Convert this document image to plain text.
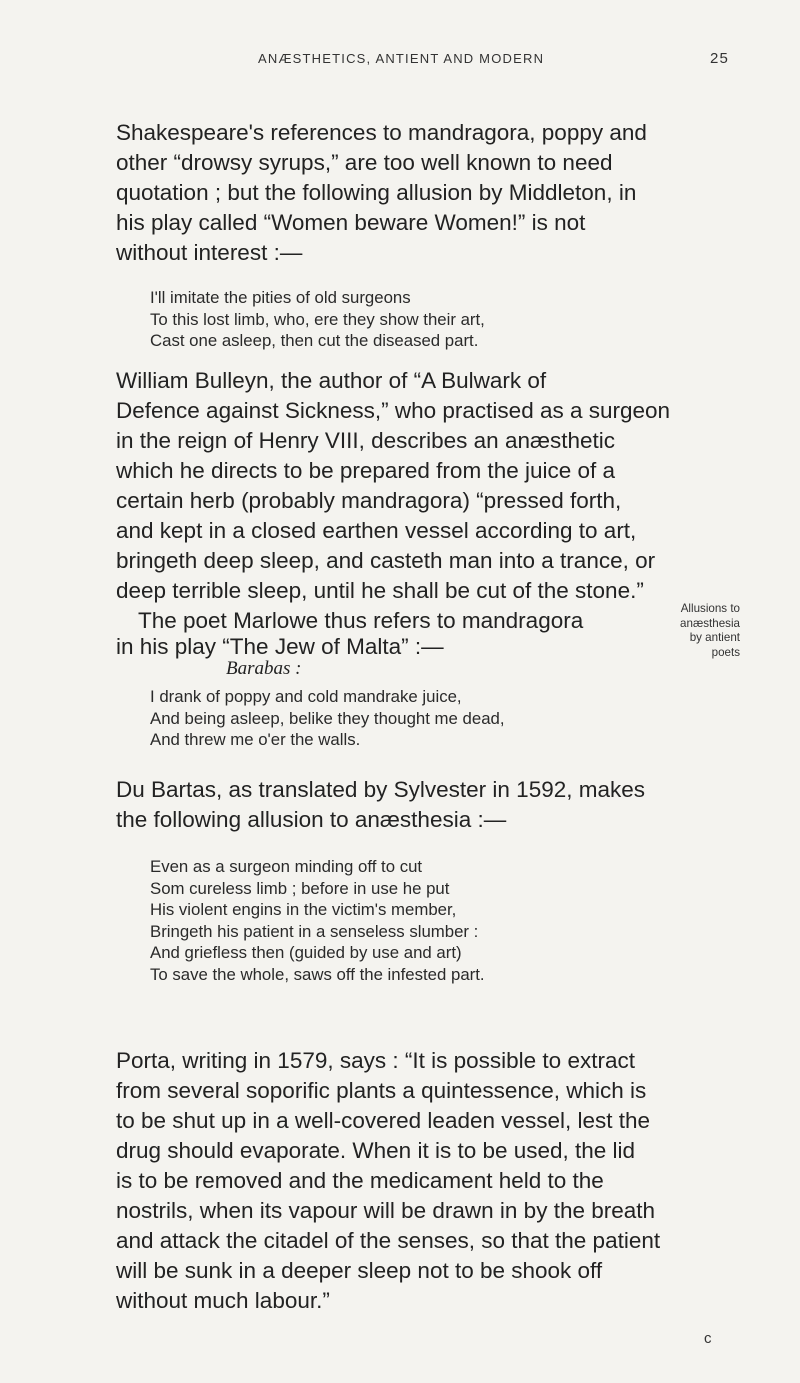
ANÆSTHETICS, ANTIENT AND MODERN	25

Shakespeare's references to mandragora, poppy and

other “drowsy syrups,” are too well known to need

quotation ; but the following allusion by Middleton, in

his play called “Women beware Women!” is not

without interest :—

I'll imitate the pities of old surgeons
To this lost limb, who, ere they show their art,
Cast one asleep, then cut the diseased part.

William Bulleyn, the author of “A Bulwark of

Defence against Sickness,” who practised as a surgeon

in the reign of Henry VIII, describes an anæsthetic

which he directs to be prepared from the juice of a

certain herb (probably mandragora) “pressed forth,

and kept in a closed earthen vessel according to art,

bringeth deep sleep, and casteth man into a trance, or

deep terrible sleep, until he shall be cut of the stone.”

The poet Marlowe thus refers to mandragora

in his play “The Jew of Malta” :—

Allusions to
anæsthesia
by antient
poets
Barabas :
I drank of poppy and cold mandrake juice,
And being asleep, belike they thought me dead,
And threw me o'er the walls.

Du Bartas, as translated by Sylvester in 1592, makes

the following allusion to anæsthesia :—

Even as a surgeon minding off to cut
Som cureless limb ; before in use he put
His violent engins in the victim's member,
Bringeth his patient in a senseless slumber :
And griefless then (guided by use and art)
To save the whole, saws off the infested part.

Porta, writing in 1579, says : “It is possible to extract

from several soporific plants a quintessence, which is

to be shut up in a well-covered leaden vessel, lest the

drug should evaporate. When it is to be used, the lid

is to be removed and the medicament held to the

nostrils, when its vapour will be drawn in by the breath

and attack the citadel of the senses, so that the patient

will be sunk in a deeper sleep not to be shook off

without much labour.”

c
